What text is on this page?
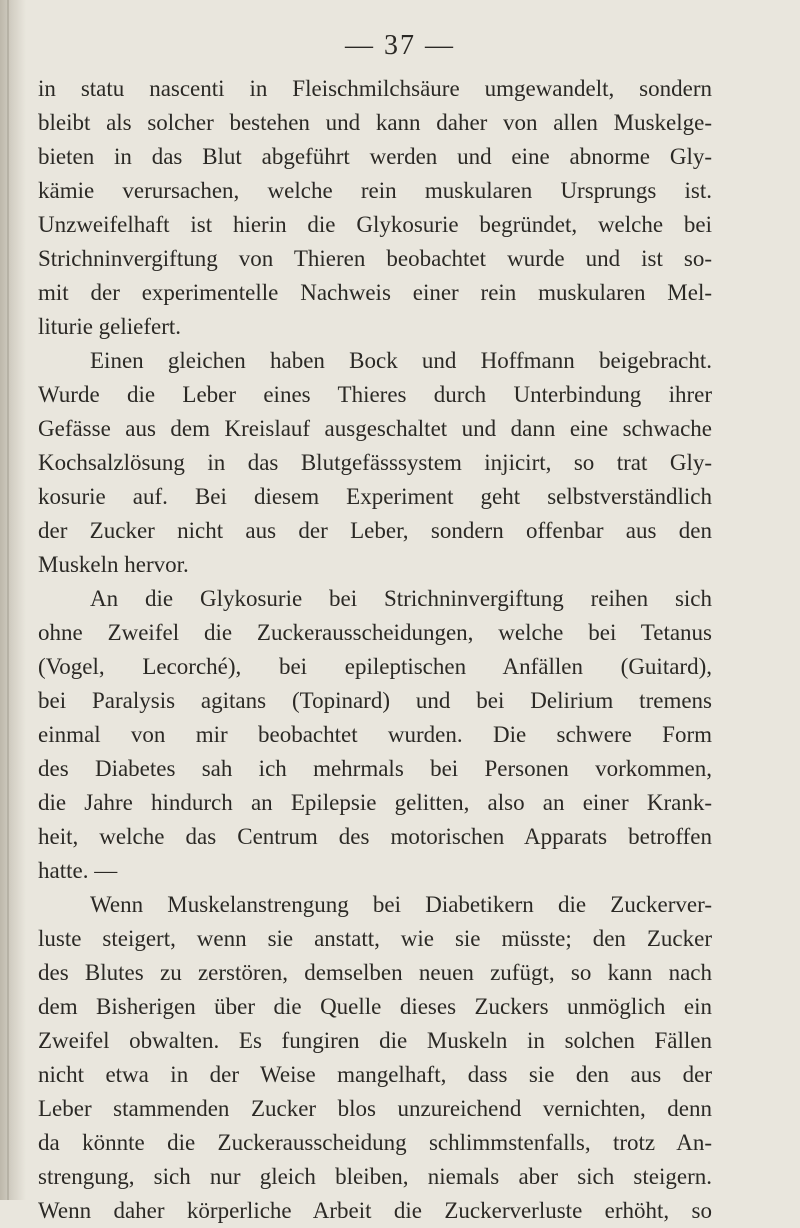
— 37 —
in statu nascenti in Fleischmilchsäure umgewandelt, sondern
bleibt als solcher bestehen und kann daher von allen Muskelge-
bieten in das Blut abgeführt werden und eine abnorme Gly-
kämie verursachen, welche rein muskularen Ursprungs ist.
Unzweifelhaft ist hierin die Glykosurie begründet, welche bei
Strichninvergiftung von Thieren beobachtet wurde und ist so-
mit der experimentelle Nachweis einer rein muskularen Mel-
liturie geliefert.
Einen gleichen haben Bock und Hoffmann beigebracht.
Wurde die Leber eines Thieres durch Unterbindung ihrer
Gefässe aus dem Kreislauf ausgeschaltet und dann eine schwache
Kochsalzlösung in das Blutgefässsystem injicirt, so trat Gly-
kosurie auf. Bei diesem Experiment geht selbstverständlich
der Zucker nicht aus der Leber, sondern offenbar aus den
Muskeln hervor.
An die Glykosurie bei Strichninvergiftung reihen sich
ohne Zweifel die Zuckerausscheidungen, welche bei Tetanus
(Vogel, Lecorché), bei epileptischen Anfällen (Guitard),
bei Paralysis agitans (Topinard) und bei Delirium tremens
einmal von mir beobachtet wurden. Die schwere Form
des Diabetes sah ich mehrmals bei Personen vorkommen,
die Jahre hindurch an Epilepsie gelitten, also an einer Krank-
heit, welche das Centrum des motorischen Apparats betroffen
hatte. —
Wenn Muskelanstrengung bei Diabetikern die Zuckerver-
luste steigert, wenn sie anstatt, wie sie müsste; den Zucker
des Blutes zu zerstören, demselben neuen zufügt, so kann nach
dem Bisherigen über die Quelle dieses Zuckers unmöglich ein
Zweifel obwalten. Es fungiren die Muskeln in solchen Fällen
nicht etwa in der Weise mangelhaft, dass sie den aus der
Leber stammenden Zucker blos unzureichend vernichten, denn
da könnte die Zuckerausscheidung schlimmstenfalls, trotz An-
strengung, sich nur gleich bleiben, niemals aber sich steigern.
Wenn daher körperliche Arbeit die Zuckerverluste erhöht, so
